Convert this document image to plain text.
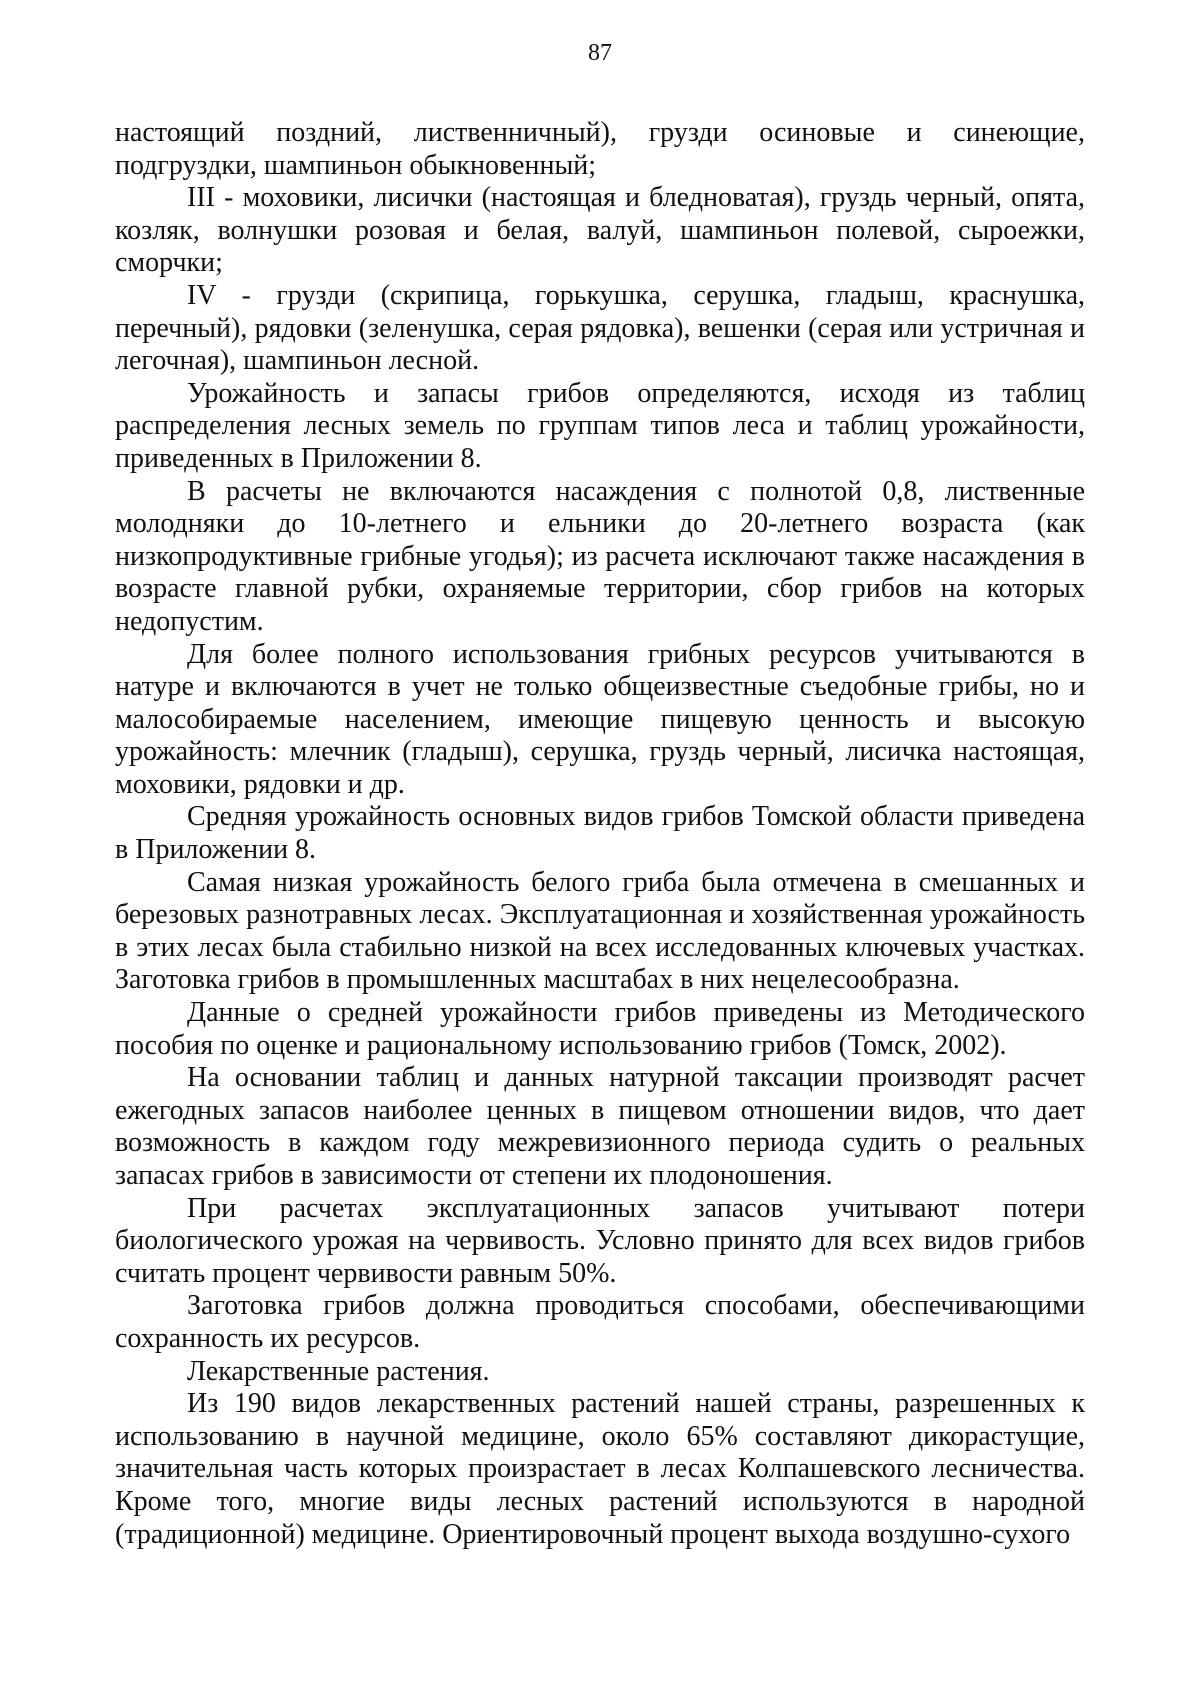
87

настоящий поздний, лиственничный), грузди осиновые и синеющие, подгруздки, шампиньон обыкновенный;

III - моховики, лисички (настоящая и бледноватая), груздь черный, опята, козляк, волнушки розовая и белая, валуй, шампиньон полевой, сыроежки, сморчки;

IV - грузди (скрипица, горькушка, серушка, гладыш, краснушка, перечный), рядовки (зеленушка, серая рядовка), вешенки (серая или устричная и легочная), шампиньон лесной.

Урожайность и запасы грибов определяются, исходя из таблиц распределения лесных земель по группам типов леса и таблиц урожайности, приведенных в Приложении 8.

В расчеты не включаются насаждения с полнотой 0,8, лиственные молодняки до 10-летнего и ельники до 20-летнего возраста (как низкопродуктивные грибные угодья); из расчета исключают также насаждения в возрасте главной рубки, охраняемые территории, сбор грибов на которых недопустим.

Для более полного использования грибных ресурсов учитываются в натуре и включаются в учет не только общеизвестные съедобные грибы, но и малособираемые населением, имеющие пищевую ценность и высокую урожайность: млечник (гладыш), серушка, груздь черный, лисичка настоящая, моховики, рядовки и др.

Средняя урожайность основных видов грибов Томской области приведена в Приложении 8.

Самая низкая урожайность белого гриба была отмечена в смешанных и березовых разнотравных лесах. Эксплуатационная и хозяйственная урожайность в этих лесах была стабильно низкой на всех исследованных ключевых участках. Заготовка грибов в промышленных масштабах в них нецелесообразна.

Данные о средней урожайности грибов приведены из Методического пособия по оценке и рациональному использованию грибов (Томск, 2002).

На основании таблиц и данных натурной таксации производят расчет ежегодных запасов наиболее ценных в пищевом отношении видов, что дает возможность в каждом году межревизионного периода судить о реальных запасах грибов в зависимости от степени их плодоношения.

При расчетах эксплуатационных запасов учитывают потери биологического урожая на червивость. Условно принято для всех видов грибов считать процент червивости равным 50%.

Заготовка грибов должна проводиться способами, обеспечивающими сохранность их ресурсов.

Лекарственные растения.

Из 190 видов лекарственных растений нашей страны, разрешенных к использованию в научной медицине, около 65% составляют дикорастущие, значительная часть которых произрастает в лесах Колпашевского лесничества. Кроме того, многие виды лесных растений используются в народной (традиционной) медицине. Ориентировочный процент выхода воздушно-сухого
